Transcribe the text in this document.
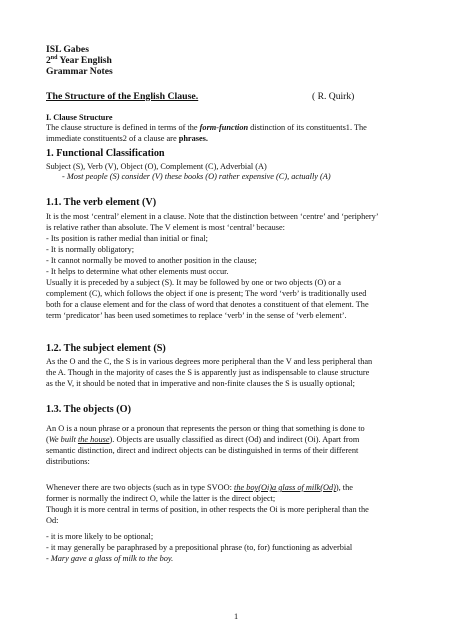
ISL Gabes
2nd Year English
Grammar Notes
The Structure of the English Clause.	( R. Quirk)
I. Clause Structure
The clause structure is defined in terms of the form-function distinction of its constituents1. The
immediate constituents2 of a clause are phrases.
1. Functional Classification
Subject (S), Verb (V), Object (O), Complement (C), Adverbial (A)
- Most people (S) consider (V) these books (O) rather expensive (C), actually (A)
1.1. The verb element (V)
It is the most ‘central’ element in a clause. Note that the distinction between ‘centre’ and ‘periphery’
is relative rather than absolute. The V element is most ‘central’ because:
- Its position is rather medial than initial or final;
- It is normally obligatory;
- It cannot normally be moved to another position in the clause;
- It helps to determine what other elements must occur.
Usually it is preceded by a subject (S). It may be followed by one or two objects (O) or a
complement (C), which follows the object if one is present; The word ‘verb’ is traditionally used
both for a clause element and for the class of word that denotes a constituent of that element. The
term ‘predicator’ has been used sometimes to replace ‘verb’ in the sense of ‘verb element’.
1.2. The subject element (S)
As the O and the C, the S is in various degrees more peripheral than the V and less peripheral than
the A. Though in the majority of cases the S is apparently just as indispensable to clause structure
as the V, it should be noted that in imperative and non-finite clauses the S is usually optional;
1.3. The objects (O)
An O is a noun phrase or a pronoun that represents the person or thing that something is done to
(We built the house). Objects are usually classified as direct (Od) and indirect (Oi). Apart from
semantic distinction, direct and indirect objects can be distinguished in terms of their different
distributions:
Whenever there are two objects (such as in type SVOO: the boy(Oi)a glass of milk(Od)), the
former is normally the indirect O, while the latter is the direct object;
Though it is more central in terms of position, in other respects the Oi is more peripheral than the
Od:
- it is more likely to be optional;
- it may generally be paraphrased by a prepositional phrase (to, for) functioning as adverbial
- Mary gave a glass of milk to the boy.
1
